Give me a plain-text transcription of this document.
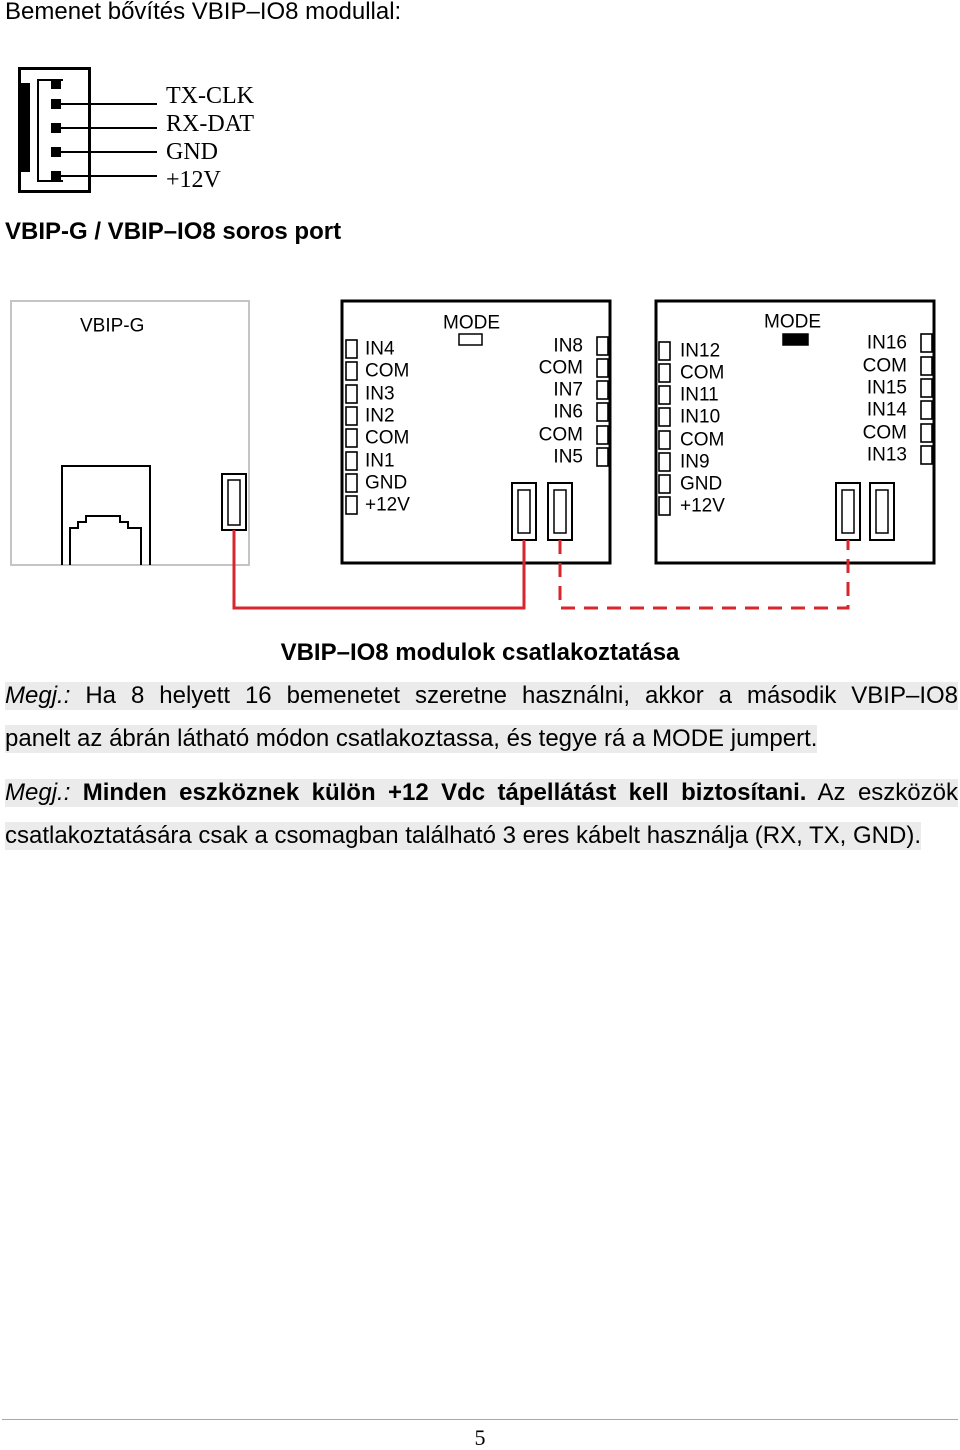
TX-CLK
RX-DAT
GND
+12V
VBIP-G	MODE
IN4
COM
IN3
IN2
COM
IN1
GND
+12V
IN8
COM
IN7
IN6
COM
IN5
MODE
IN12
COM
IN11
IN10
COM
IN9
GND
+12V
IN16
COM
IN15
IN14
COM
IN13
Bemenet bővítés VBIP–IO8 modullal:
VBIP-G / VBIP–IO8 soros port
VBIP–IO8 modulok csatlakoztatása
Megj.: Ha 8 helyett 16 bemenetet szeretne használni, akkor a második VBIP–IO8
panelt az ábrán látható módon csatlakoztassa, és tegye rá a MODE jumpert.
Megj.: Minden eszköznek külön +12 Vdc tápellátást kell biztosítani. Az eszközök
csatlakoztatására csak a csomagban található 3 eres kábelt használja (RX, TX, GND).
5
